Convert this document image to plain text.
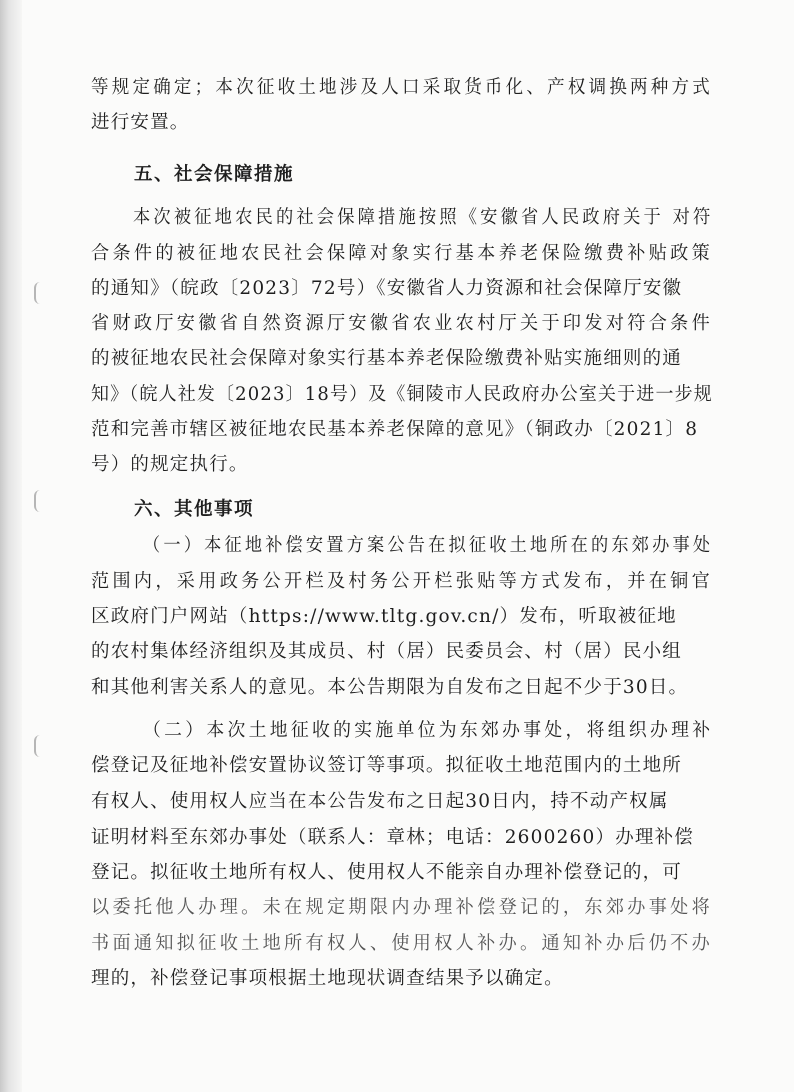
等规定确定；本次征收土地涉及人口采取货币化、产权调换两种方式
进行安置。
五、社会保障措施
本次被征地农民的社会保障措施按照《安徽省人民政府关于 对符
合条件的被征地农民社会保障对象实行基本养老保险缴费补贴政策
的通知》（皖政〔2023〕72号）《安徽省人力资源和社会保障厅安徽
省财政厅安徽省自然资源厅安徽省农业农村厅关于印发对符合条件
的被征地农民社会保障对象实行基本养老保险缴费补贴实施细则的通
知》（皖人社发〔2023〕18号）及《铜陵市人民政府办公室关于进一步规
范和完善市辖区被征地农民基本养老保障的意见》（铜政办〔2021〕8
号）的规定执行。
六、其他事项
（一）本征地补偿安置方案公告在拟征收土地所在的东郊办事处
范围内，采用政务公开栏及村务公开栏张贴等方式发布，并在铜官
区政府门户网站（https://www.tltg.gov.cn/）发布，听取被征地
的农村集体经济组织及其成员、村（居）民委员会、村（居）民小组
和其他利害关系人的意见。本公告期限为自发布之日起不少于30日。
（二）本次土地征收的实施单位为东郊办事处，将组织办理补
偿登记及征地补偿安置协议签订等事项。拟征收土地范围内的土地所
有权人、使用权人应当在本公告发布之日起30日内，持不动产权属
证明材料至东郊办事处（联系人：章林；电话：2600260）办理补偿
登记。拟征收土地所有权人、使用权人不能亲自办理补偿登记的，可
以委托他人办理。未在规定期限内办理补偿登记的，东郊办事处将
书面通知拟征收土地所有权人、使用权人补办。通知补办后仍不办
理的，补偿登记事项根据土地现状调查结果予以确定。
